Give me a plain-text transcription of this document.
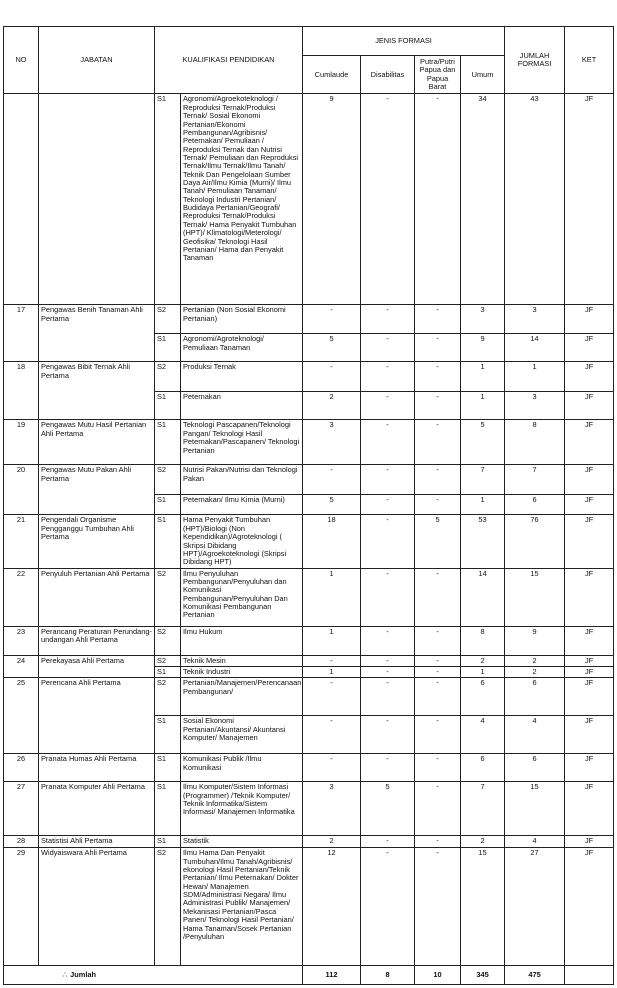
NO	JABATAN	KUALIFIKASI PENDIDIKAN		JENIS FORMASI				JUMLAH FORMASI	KET
				Cumlaude	Disabilitas	Putra/Putri Papua dan Papua Barat	Umum		
		S1	Agronomi/Agroekoteknologi / Reproduksi Ternak/Produksi Ternak/ Sosial Ekonomi Pertanian/Ekonomi Pembangunan/Agribisnis/ Peternakan/ Pemuliaan / Reproduksi Ternak dan Nutrisi Ternak/ Pemuliaan dan Reproduksi Ternak/Ilmu Ternak/Ilmu Tanah/ Teknik Dan Pengelolaan Sumber Daya Air/Ilmu Kimia (Murni)/ Ilmu Tanah/ Pemuliaan Tanaman/ Teknologi Industri Pertanian/ Budidaya Pertanian/Geografi/ Reproduksi Ternak/Produksi Ternak/ Hama Penyakit Tumbuhan (HPT)/ Klimatologi/Meterologi/ Geofisika/ Teknologi Hasil Pertanian/ Hama dan Penyakit Tanaman	9	-	-	34	43	JF
17	Pengawas Benih Tanaman Ahli Pertama	S2	Pertanian (Non Sosial Ekonomi Pertanian)	-	-	-	3	3	JF
		S1	Agronomi/Agroteknologi/ Pemuliaan Tanaman	5	-	-	9	14	JF
18	Pengawas Bibit Ternak Ahli Pertama	S2	Produksi Ternak	-	-	-	1	1	JF
		S1	Peternakan	2	-	-	1	3	JF
19	Pengawas Mutu Hasil Pertanian Ahli Pertama	S1	Teknologi Pascapanen/Teknologi Pangan/ Teknologi Hasil Peternakan/Pascapanen/ Teknologi Pertanian	3	-	-	5	8	JF
20	Pengawas Mutu Pakan Ahli Pertama	S2	Nutrisi Pakan/Nutrisi dan Teknologi Pakan	-	-	-	7	7	JF
		S1	Peternakan/ Ilmu Kimia (Murni)	5	-	-	1	6	JF
21	Pengendali Organisme Pengganggu Tumbuhan Ahli Pertama	S1	Hama Penyakit Tumbuhan (HPT)/Biologi (Non Kependidikan)/Agroteknologi ( Skripsi Dibidang HPT)/Agroekoteknologi (Skripsi Dibidang HPT)	18	-	5	53	76	JF
22	Penyuluh Pertanian Ahli Pertama	S2	Ilmu Penyuluhan Pembangunan/Penyuluhan dan Komunikasi Pembangunan/Penyuluhan Dan Komunikasi Pembangunan Pertanian	1	-	-	14	15	JF
23	Perancang Peraturan Perundang-undangan Ahli Pertama	S2	Ilmu Hukum	1	-	-	8	9	JF
24	Perekayasa Ahli Pertama	S2	Teknik Mesin	-	-	-	2	2	JF
		S1	Teknik Industri	1	-	-	1	2	JF
25	Perencana Ahli Pertama	S2	Pertanian/Manajemen/Perencanaan Pembangunan/	-	-	-	6	6	JF
		S1	Sosial Ekonomi Pertanian/Akuntansi/ Akuntansi Komputer/ Manajemen	-	-	-	4	4	JF
26	Pranata Humas Ahli Pertama	S1	Komunikasi Publik /Ilmu Komunikasi	-	-	-	6	6	JF
27	Pranata Komputer Ahli Pertama	S1	Ilmu Komputer/Sistem Informasi (Programmer) /Teknik Komputer/ Teknik Informatika/Sistem Informasi/ Manajemen Informatika	3	5	-	7	15	JF
28	Statistisi Ahli Pertama	S1	Statistik	2	-	-	2	4	JF
29	Widyaiswara Ahli Pertama	S2	Ilmu Hama Dan Penyakit Tumbuhan/Ilmu Tanah/Agribisnis/ ekonologi Hasil Pertanian/Teknik Pertanian/ Ilmu Peternakan/ Dokter Hewan/ Manajemen SDM/Administrasi Negara/ Ilmu Administrasi Publik/ Manajemen/ Mekanisasi Pertanian/Pasca Panen/ Teknologi Hasil Pertanian/ Hama Tanaman/Sosek Pertanian /Penyuluhan	12	-	-	15	27	JF
∴ Jumlah				112	8	10	345	475	
